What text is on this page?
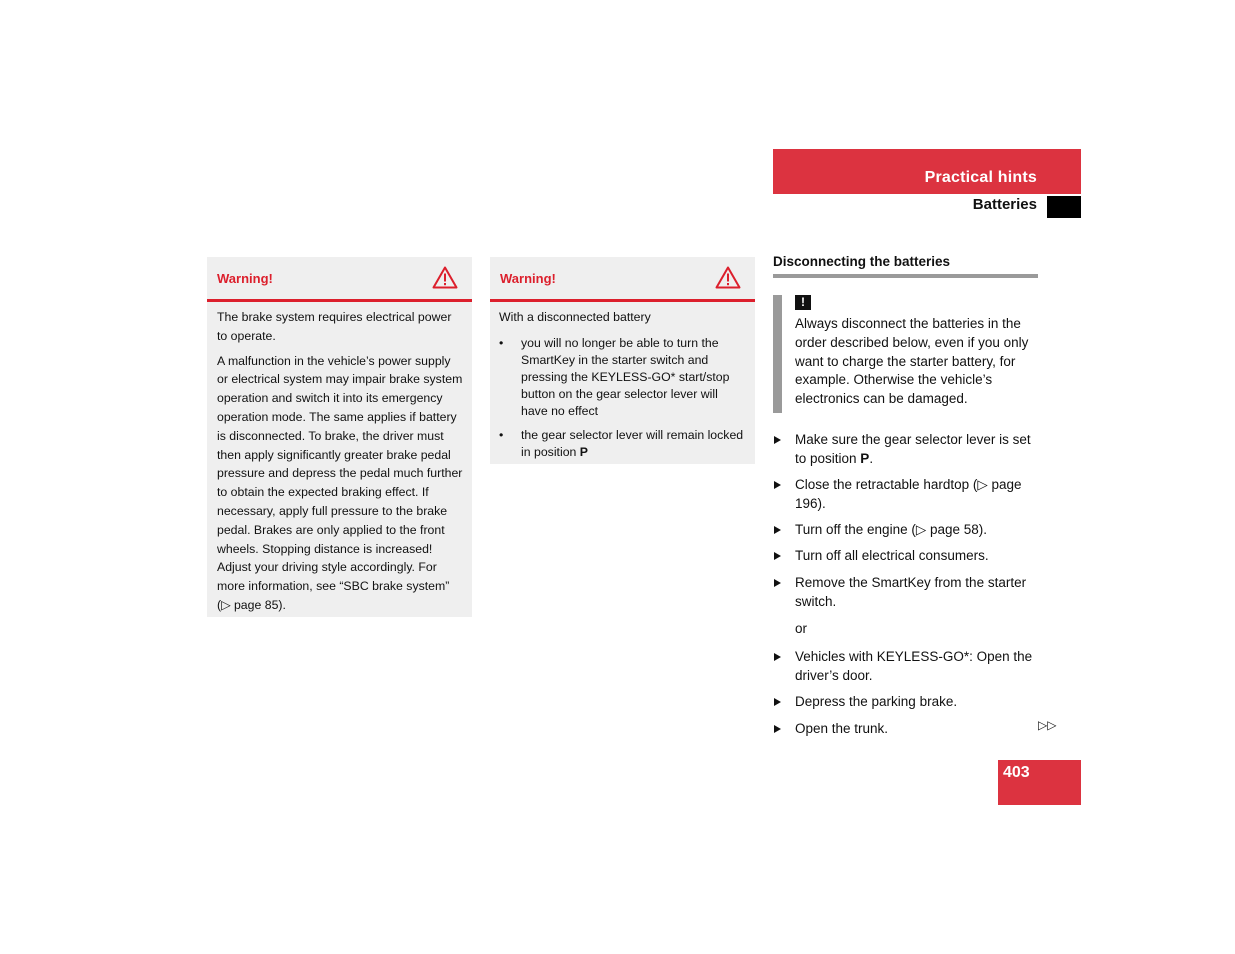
Practical hints
Batteries
Warning!

The brake system requires electrical power to operate.

A malfunction in the vehicle’s power supply or electrical system may impair brake system operation and switch it into its emergency operation mode. The same applies if battery is disconnected. To brake, the driver must then apply significantly greater brake pedal pressure and depress the pedal much further to obtain the expected braking effect. If necessary, apply full pressure to the brake pedal. Brakes are only applied to the front wheels. Stopping distance is increased! Adjust your driving style accordingly. For more information, see “SBC brake system” (▷ page 85).

Warning!

With a disconnected battery

• you will no longer be able to turn the SmartKey in the starter switch and pressing the KEYLESS-GO* start/stop button on the gear selector lever will have no effect
• the gear selector lever will remain locked in position P
Disconnecting the batteries
!
Always disconnect the batteries in the order described below, even if you only want to charge the starter battery, for example. Otherwise the vehicle’s electronics can be damaged.
Make sure the gear selector lever is set to position P.
Close the retractable hardtop (▷ page 196).
Turn off the engine (▷ page 58).
Turn off all electrical consumers.
Remove the SmartKey from the starter switch.
or
Vehicles with KEYLESS-GO*: Open the driver’s door.
Depress the parking brake.
Open the trunk.	▷▷
403
